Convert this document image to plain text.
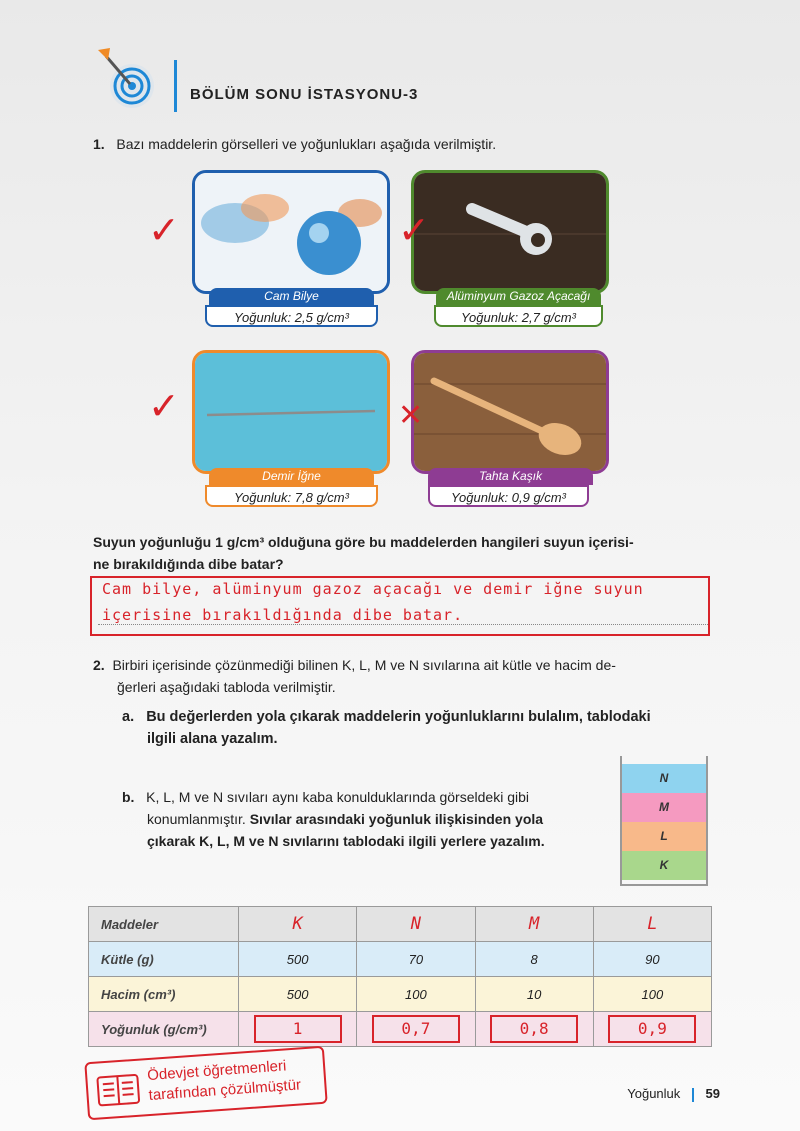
BÖLÜM SONU İSTASYONU-3
1. Bazı maddelerin görselleri ve yoğunlukları aşağıda verilmiştir.
Cam Bilye
Yoğunluk: 2,5 g/cm³
✓
Alüminyum Gazoz Açacağı
Yoğunluk: 2,7 g/cm³
✓
Demir İğne
Yoğunluk: 7,8 g/cm³
✓
Tahta Kaşık
Yoğunluk: 0,9 g/cm³
✕
Suyun yoğunluğu 1 g/cm³ olduğuna göre bu maddelerden hangileri suyun içerisi-
ne bırakıldığında dibe batar?
Cam bilye, alüminyum gazoz açacağı ve demir iğne suyun
içerisine bırakıldığında dibe batar.
2. Birbiri içerisinde çözünmediği bilinen K, L, M ve N sıvılarına ait kütle ve hacim de-
ğerleri aşağıdaki tabloda verilmiştir.
a. Bu değerlerden yola çıkarak maddelerin yoğunluklarını bulalım, tablodaki
ilgili alana yazalım.
b. K, L, M ve N sıvıları aynı kaba konulduklarında görseldeki gibi
konumlanmıştır. Sıvılar arasındaki yoğunluk ilişkisinden yola
çıkarak K, L, M ve N sıvılarını tablodaki ilgili yerlere yazalım.
N
M
L
K
Maddeler	K	N	M	L
Kütle (g)	500	70	8	90
Hacim (cm³)	500	100	10	100
Yoğunluk (g/cm³)	1	0,7	0,8	0,9
Ödevjet öğretmenleri
tarafından çözülmüştür	Yoğunluk 59
